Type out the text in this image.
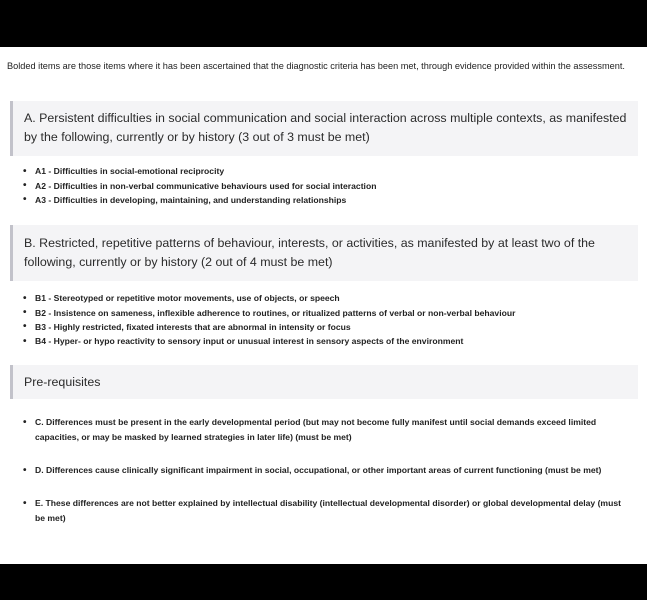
Bolded items are those items where it has been ascertained that the diagnostic criteria has been met, through evidence provided within the assessment.
A. Persistent difficulties in social communication and social interaction across multiple contexts, as manifested by the following, currently or by history (3 out of 3 must be met)
• A1 - Difficulties in social-emotional reciprocity
• A2 - Difficulties in non-verbal communicative behaviours used for social interaction
• A3 - Difficulties in developing, maintaining, and understanding relationships
B. Restricted, repetitive patterns of behaviour, interests, or activities, as manifested by at least two of the following, currently or by history (2 out of 4 must be met)
• B1 - Stereotyped or repetitive motor movements, use of objects, or speech
• B2 - Insistence on sameness, inflexible adherence to routines, or ritualized patterns of verbal or non-verbal behaviour
• B3 - Highly restricted, fixated interests that are abnormal in intensity or focus
• B4 - Hyper- or hypo reactivity to sensory input or unusual interest in sensory aspects of the environment
Pre-requisites
• C. Differences must be present in the early developmental period (but may not become fully manifest until social demands exceed limited capacities, or may be masked by learned strategies in later life) (must be met)
• D. Differences cause clinically significant impairment in social, occupational, or other important areas of current functioning (must be met)
• E. These differences are not better explained by intellectual disability (intellectual developmental disorder) or global developmental delay (must be met)
